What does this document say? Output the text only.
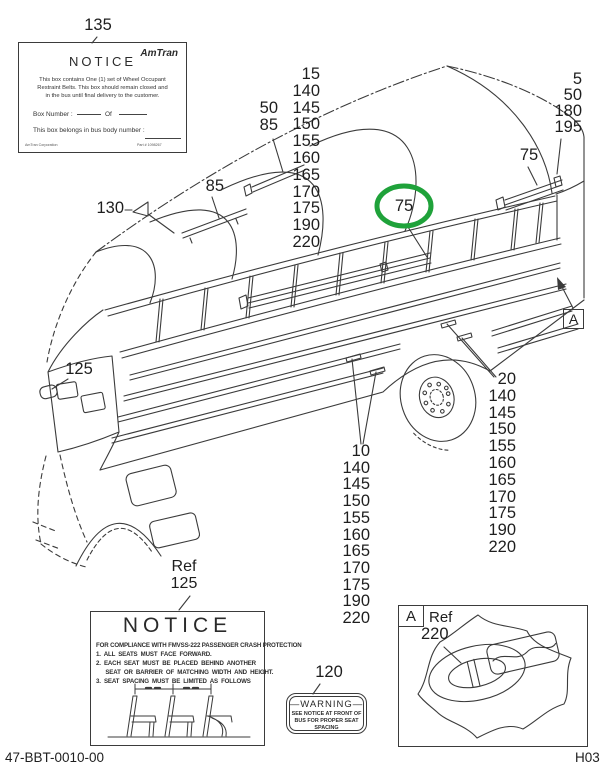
135
50
85
85
130
125
15
140
145
150
155
160
165
170
175
190
220
75
75
5
50
180
195
A
20
140
145
150
155
160
165
170
175
190
220
10
140
145
150
155
160
165
170
175
190
220
Ref
125
120
AmTran
NOTICE
This box contains One (1) set of Wheel Occupant
Restraint Belts. This box should remain closed and
in the bus until final delivery to the customer.
Box Number :	Of
This box belongs in bus body number :
AmTran Corporation	Part # 1098267
NOTICE
FOR COMPLIANCE WITH FMVSS-222 PASSENGER CRASH PROTECTION
1.  ALL  SEATS  MUST  FACE  FORWARD.
2.  EACH  SEAT  MUST  BE  PLACED  BEHIND  ANOTHER
SEAT  OR  BARRIER  OF  MATCHING  WIDTH  AND  HEIGHT.
3.  SEAT  SPACING  MUST  BE  LIMITED  AS  FOLLOWS
—WARNING—
SEE NOTICE AT FRONT OF
BUS FOR PROPER SEAT SPACING
A Ref
220
47-BBT-0010-00	H03
